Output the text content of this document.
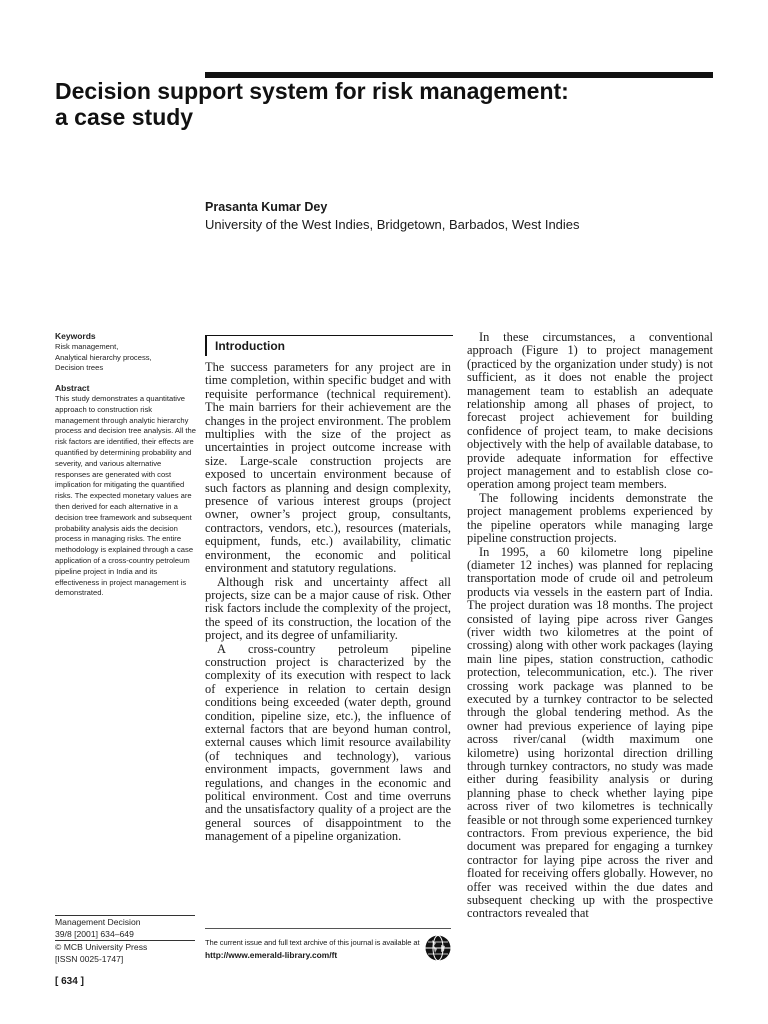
Decision support system for risk management:
a case study
Prasanta Kumar Dey
University of the West Indies, Bridgetown, Barbados, West Indies
Keywords
Risk management,
Analytical hierarchy process,
Decision trees
Abstract

This study demonstrates a quantitative approach to construction risk management through analytic hierarchy process and decision tree analysis. All the risk factors are identified, their effects are quantified by determining probability and severity, and various alternative responses are generated with cost implication for mitigating the quantified risks. The expected monetary values are then derived for each alternative in a decision tree framework and subsequent probability analysis aids the decision process in managing risks. The entire methodology is explained through a case application of a cross-country petroleum pipeline project in India and its effectiveness in project management is demonstrated.

Management Decision
39/8 [2001] 634–649
© MCB University Press
[ISSN 0025-1747]
[ 634 ]
Introduction

The success parameters for any project are in time completion, within specific budget and with requisite performance (technical requirement). The main barriers for their achievement are the changes in the project environment. The problem multiplies with the size of the project as uncertainties in project outcome increase with size. Large-scale construction projects are exposed to uncertain environment because of such factors as planning and design complexity, presence of various interest groups (project owner, owner’s project group, consultants, contractors, vendors, etc.), resources (materials, equipment, funds, etc.) availability, climatic environment, the economic and political environment and statutory regulations.

Although risk and uncertainty affect all projects, size can be a major cause of risk. Other risk factors include the complexity of the project, the speed of its construction, the location of the project, and its degree of unfamiliarity.

A cross-country petroleum pipeline construction project is characterized by the complexity of its execution with respect to lack of experience in relation to certain design conditions being exceeded (water depth, ground condition, pipeline size, etc.), the influence of external factors that are beyond human control, external causes which limit resource availability (of techniques and technology), various environment impacts, government laws and regulations, and changes in the economic and political environment. Cost and time overruns and the unsatisfactory quality of a project are the general sources of disappointment to the management of a pipeline organization.

In these circumstances, a conventional approach (Figure 1) to project management (practiced by the organization under study) is not sufficient, as it does not enable the project management team to establish an adequate relationship among all phases of project, to forecast project achievement for building confidence of project team, to make decisions objectively with the help of available database, to provide adequate information for effective project management and to establish close co-operation among project team members.

The following incidents demonstrate the project management problems experienced by the pipeline operators while managing large pipeline construction projects.

In 1995, a 60 kilometre long pipeline (diameter 12 inches) was planned for replacing transportation mode of crude oil and petroleum products via vessels in the eastern part of India. The project duration was 18 months. The project consisted of laying pipe across river Ganges (river width two kilometres at the point of crossing) along with other work packages (laying main line pipes, station construction, cathodic protection, telecommunication, etc.). The river crossing work package was planned to be executed by a turnkey contractor to be selected through the global tendering method. As the owner had previous experience of laying pipe across river/canal (width maximum one kilometre) using horizontal direction drilling through turnkey contractors, no study was made either during feasibility analysis or during planning phase to check whether laying pipe across river of two kilometres is technically feasible or not through some experienced turnkey contractors. From previous experience, the bid document was prepared for engaging a turnkey contractor for laying pipe across the river and floated for receiving offers globally. However, no offer was received within the due dates and subsequent checking up with the prospective contractors revealed that

The current issue and full text archive of this journal is available at
http://www.emerald-library.com/ft
